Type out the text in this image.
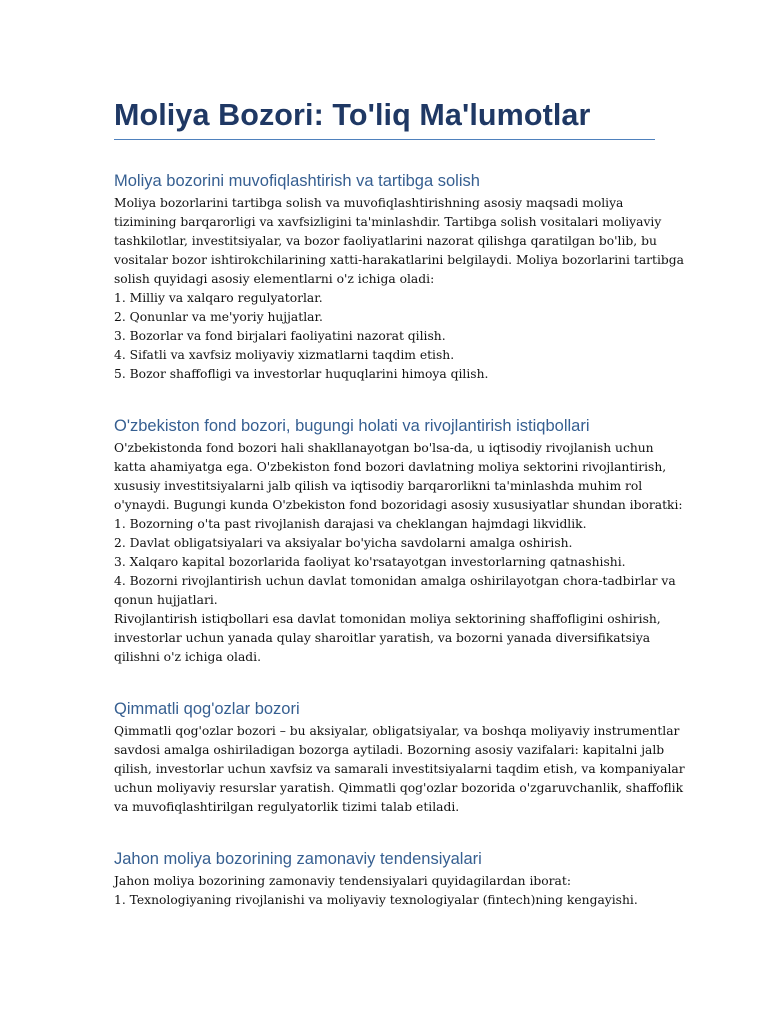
Moliya Bozori: To'liq Ma'lumotlar
Moliya bozorini muvofiqlashtirish va tartibga solish
Moliya bozorlarini tartibga solish va muvofiqlashtirishning asosiy maqsadi moliya
tizimining barqarorligi va xavfsizligini ta'minlashdir. Tartibga solish vositalari moliyaviy
tashkilotlar, investitsiyalar, va bozor faoliyatlarini nazorat qilishga qaratilgan bo'lib, bu
vositalar bozor ishtirokchilarining xatti-harakatlarini belgilaydi. Moliya bozorlarini tartibga
solish quyidagi asosiy elementlarni o'z ichiga oladi:
1. Milliy va xalqaro regulyatorlar.
2. Qonunlar va me'yoriy hujjatlar.
3. Bozorlar va fond birjalari faoliyatini nazorat qilish.
4. Sifatli va xavfsiz moliyaviy xizmatlarni taqdim etish.
5. Bozor shaffofligi va investorlar huquqlarini himoya qilish.
O'zbekiston fond bozori, bugungi holati va rivojlantirish istiqbollari
O'zbekistonda fond bozori hali shakllanayotgan bo'lsa-da, u iqtisodiy rivojlanish uchun
katta ahamiyatga ega. O'zbekiston fond bozori davlatning moliya sektorini rivojlantirish,
xususiy investitsiyalarni jalb qilish va iqtisodiy barqarorlikni ta'minlashda muhim rol
o'ynaydi. Bugungi kunda O'zbekiston fond bozoridagi asosiy xususiyatlar shundan iboratki:
1. Bozorning o'ta past rivojlanish darajasi va cheklangan hajmdagi likvidlik.
2. Davlat obligatsiyalari va aksiyalar bo'yicha savdolarni amalga oshirish.
3. Xalqaro kapital bozorlarida faoliyat ko'rsatayotgan investorlarning qatnashishi.
4. Bozorni rivojlantirish uchun davlat tomonidan amalga oshirilayotgan chora-tadbirlar va
qonun hujjatlari.
Rivojlantirish istiqbollari esa davlat tomonidan moliya sektorining shaffofligini oshirish,
investorlar uchun yanada qulay sharoitlar yaratish, va bozorni yanada diversifikatsiya
qilishni o'z ichiga oladi.
Qimmatli qog'ozlar bozori
Qimmatli qog'ozlar bozori – bu aksiyalar, obligatsiyalar, va boshqa moliyaviy instrumentlar
savdosi amalga oshiriladigan bozorga aytiladi. Bozorning asosiy vazifalari: kapitalni jalb
qilish, investorlar uchun xavfsiz va samarali investitsiyalarni taqdim etish, va kompaniyalar
uchun moliyaviy resurslar yaratish. Qimmatli qog'ozlar bozorida o'zgaruvchanlik, shaffoflik
va muvofiqlashtirilgan regulyatorlik tizimi talab etiladi.
Jahon moliya bozorining zamonaviy tendensiyalari
Jahon moliya bozorining zamonaviy tendensiyalari quyidagilardan iborat:
1. Texnologiyaning rivojlanishi va moliyaviy texnologiyalar (fintech)ning kengayishi.
